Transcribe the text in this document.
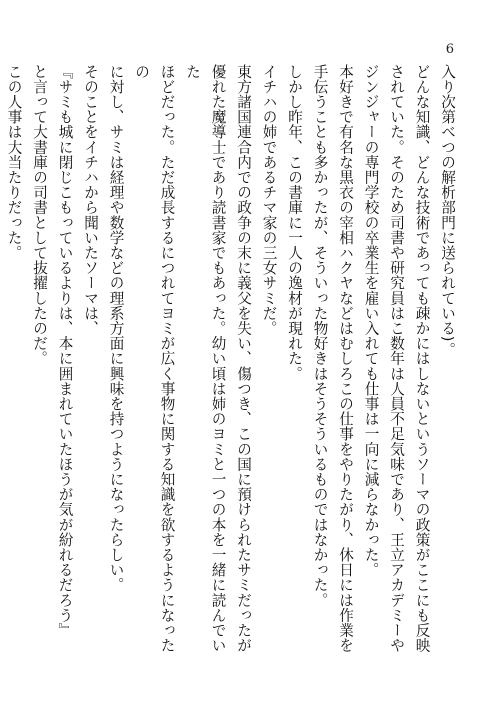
6

入り次第べつの解析部門に送られている)。

どんな知識、どんな技術であっても疎かにはしないというソーマの政策がここにも反映

されていた。そのため司書や研究員はこ数年は人員不足気味であり、王立アカデミーや

ジンジャーの専門学校の卒業生を雇い入れても仕事は一向に減らなかった。

本好きで有名な黒衣の宰相ハクヤなどはむしろこの仕事をやりたがり、休日には作業を

手伝うことも多かったが、そういった物好きはそうそういるものではなかった。

しかし昨年、この書庫に一人の逸材が現れた。

イチハの姉であるチマ家の三女サミだ。

東方諸国連合内での政争の末に義父を失い、傷つき、この国に預けられたサミだったが

優れた魔導士であり読書家でもあった。幼い頃は姉のヨミと一つの本を一緒に読んでいた

ほどだった。ただ成長するにつれてヨミが広く事物に関する知識を欲するようになったの

に対し、サミは経理や数学などの理系方面に興味を持つようになったらしい。

そのことをイチハから聞いたソーマは、

『サミも城に閉じこもっているよりは、本に囲まれていたほうが気が紛れるだろう』

と言って大書庫の司書として抜擢したのだ。

この人事は大当たりだった。
